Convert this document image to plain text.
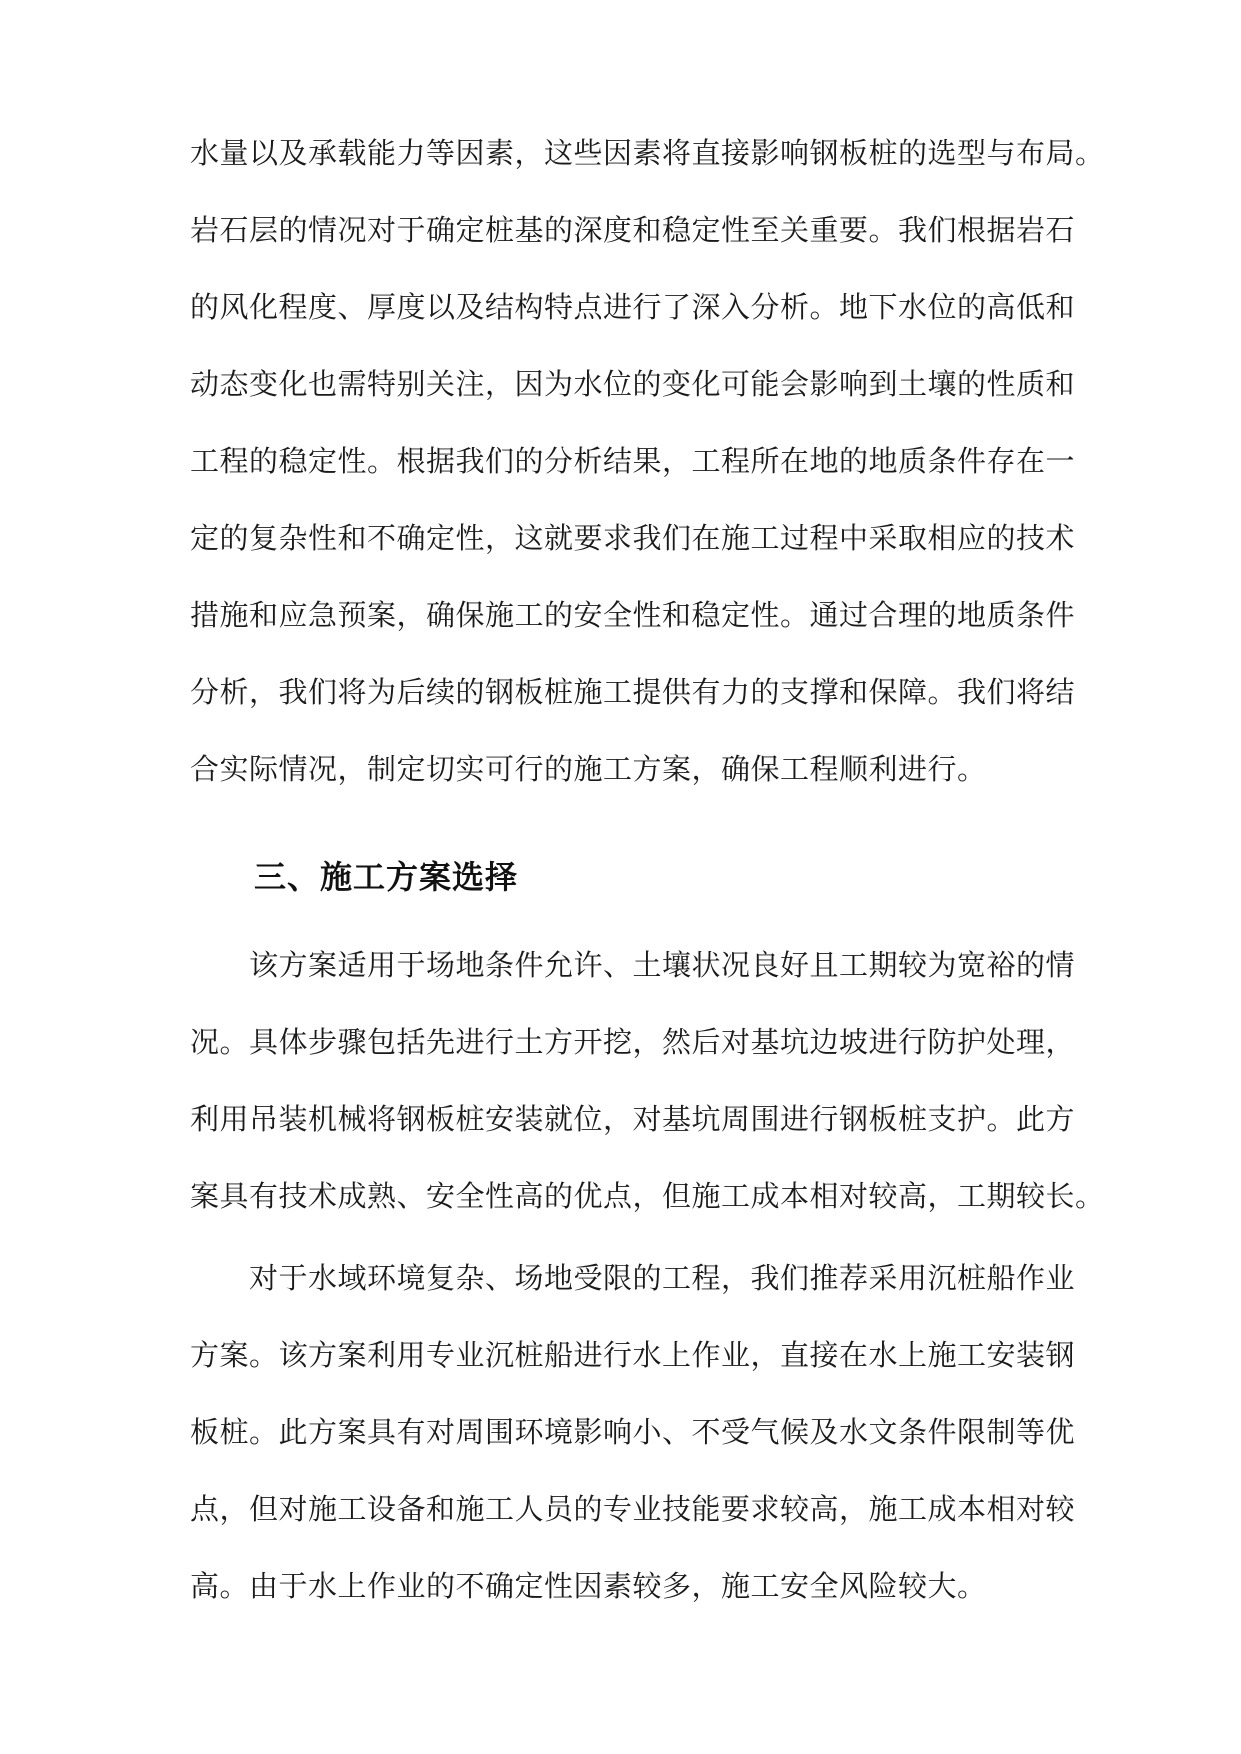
水量以及承载能力等因素，这些因素将直接影响钢板桩的选型与布局。
岩石层的情况对于确定桩基的深度和稳定性至关重要。我们根据岩石
的风化程度、厚度以及结构特点进行了深入分析。地下水位的高低和
动态变化也需特别关注，因为水位的变化可能会影响到土壤的性质和
工程的稳定性。根据我们的分析结果，工程所在地的地质条件存在一
定的复杂性和不确定性，这就要求我们在施工过程中采取相应的技术
措施和应急预案，确保施工的安全性和稳定性。通过合理的地质条件
分析，我们将为后续的钢板桩施工提供有力的支撑和保障。我们将结
合实际情况，制定切实可行的施工方案，确保工程顺利进行。
三、施工方案选择
　　该方案适用于场地条件允许、土壤状况良好且工期较为宽裕的情
况。具体步骤包括先进行土方开挖，然后对基坑边坡进行防护处理，
利用吊装机械将钢板桩安装就位，对基坑周围进行钢板桩支护。此方
案具有技术成熟、安全性高的优点，但施工成本相对较高，工期较长。
　　对于水域环境复杂、场地受限的工程，我们推荐采用沉桩船作业
方案。该方案利用专业沉桩船进行水上作业，直接在水上施工安装钢
板桩。此方案具有对周围环境影响小、不受气候及水文条件限制等优
点，但对施工设备和施工人员的专业技能要求较高，施工成本相对较
高。由于水上作业的不确定性因素较多，施工安全风险较大。
